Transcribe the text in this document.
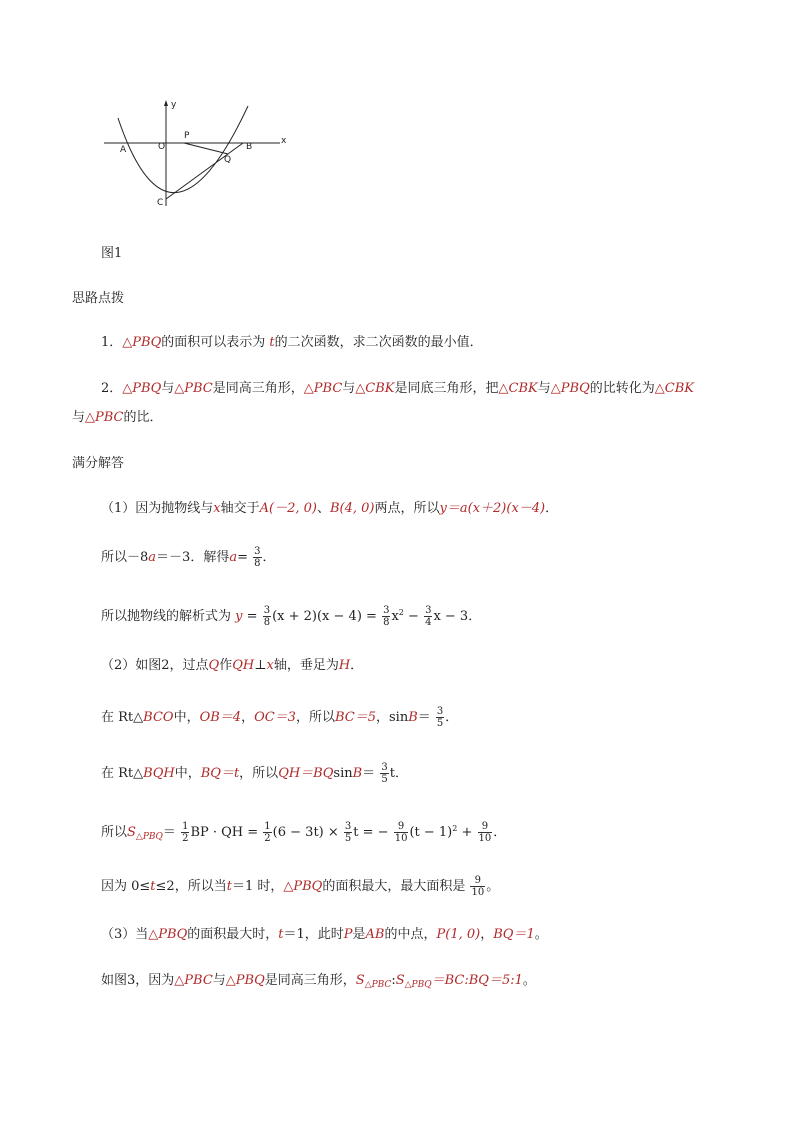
y
x
A	O
P
Q
B
C
图1
思路点拨
1．△PBQ的面积可以表示为 t的二次函数，求二次函数的最小值．
2．△PBQ与△PBC是同高三角形，△PBC与△CBK是同底三角形，把△CBK与△PBQ的比转化为△CBK
与△PBC的比．
满分解答
（1）因为抛物线与x轴交于A(－2, 0)、B(4, 0)两点，所以y＝a(x＋2)(x－4)．
所以－8a＝－3．解得$a= \frac{3}{8}$ ．
所以抛物线的解析式为 $y = \frac{3}{8} (x + 2)(x - 4) = \frac{3}{8} x^2 - \frac{3}{4}$ x − 3．
（2）如图2，过点Q作QH⊥x轴，垂足为H．
在 Rt△BCO中，OB＝4，OC＝3，所以BC＝5，$\sin B= \frac{3}{5}$ ．
在 Rt△BQH中，BQ＝t，所以$QH=BQsinB= \frac{3}{5}$ t．
所以$S_{\triangle PBQ}= \frac{1}{2}$ BP · QH = $\frac{1}{2} (6 - 3t) \times \frac{3}{5}$ t = − $\frac{9}{10} (t - 1)^2 + \frac{9}{10}$ ．
因为 0≤t≤2，所以当t＝1 时，△PBQ的面积最大，最大面积是 $\frac{9}{10}$ 。
（3）当△PBQ的面积最大时，t＝1，此时P是AB的中点，P(1, 0)，BQ＝1。
如图3，因为△PBC与△PBQ是同高三角形，$S_{\triangle PBC}:S_{\triangle PBQ}=BC:BQ=5:1$。
